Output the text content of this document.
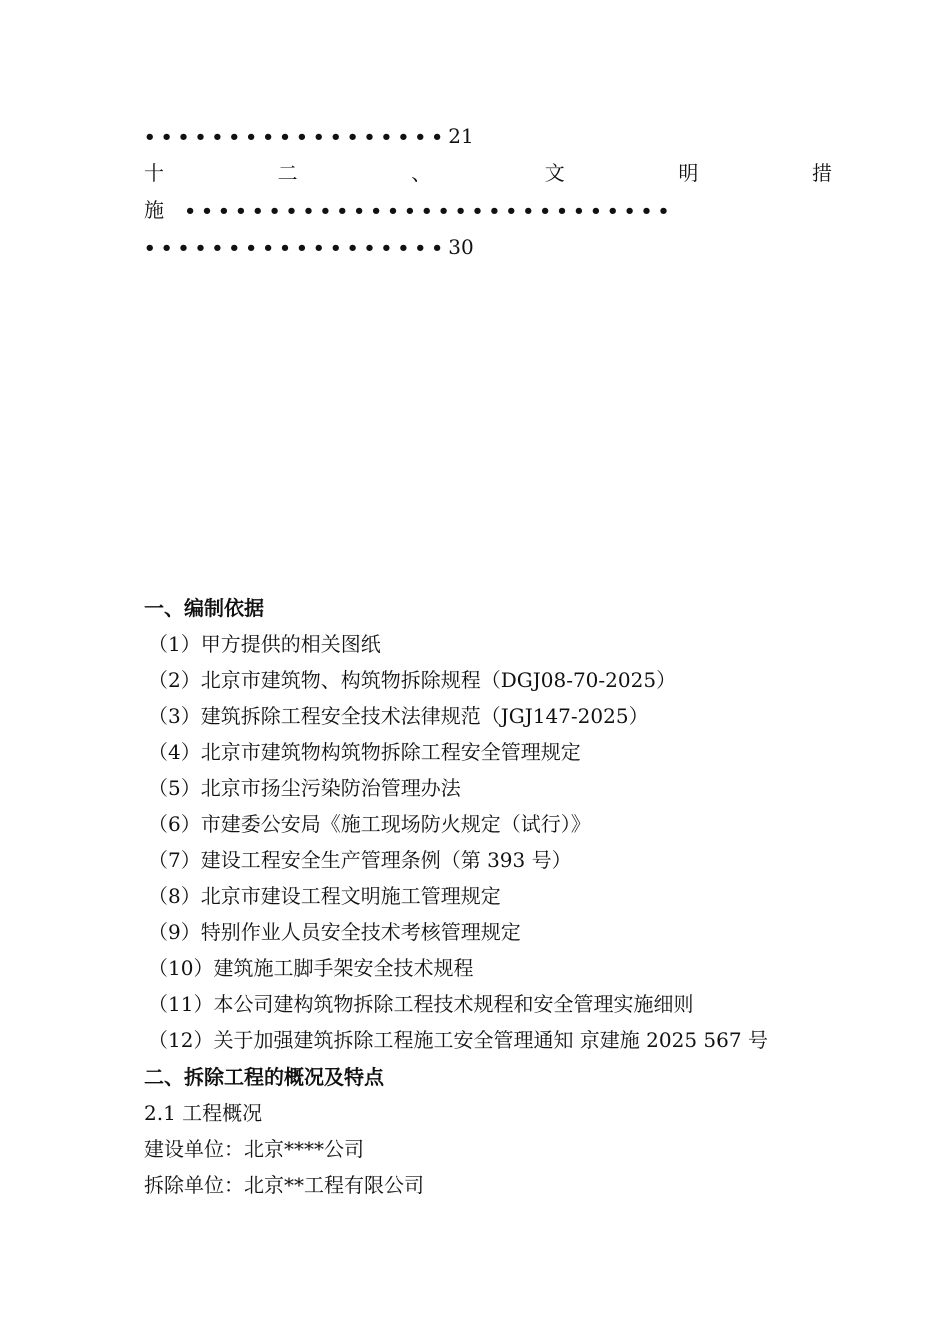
••••••••••••••••••21
十	二	、	文	明	措
施 •••••••••••••••••••••••••••••
••••••••••••••••••30
一、编制依据
（1）甲方提供的相关图纸
（2）北京市建筑物、构筑物拆除规程（DGJ08-70-2025）
（3）建筑拆除工程安全技术法律规范（JGJ147-2025）
（4）北京市建筑物构筑物拆除工程安全管理规定
（5）北京市扬尘污染防治管理办法
（6）市建委公安局《施工现场防火规定（试行）》
（7）建设工程安全生产管理条例（第 393 号）
（8）北京市建设工程文明施工管理规定
（9）特别作业人员安全技术考核管理规定
（10）建筑施工脚手架安全技术规程
（11）本公司建构筑物拆除工程技术规程和安全管理实施细则
（12）关于加强建筑拆除工程施工安全管理通知 京建施 2025 567 号
二、拆除工程的概况及特点
2.1 工程概况
建设单位：北京****公司
拆除单位：北京**工程有限公司
